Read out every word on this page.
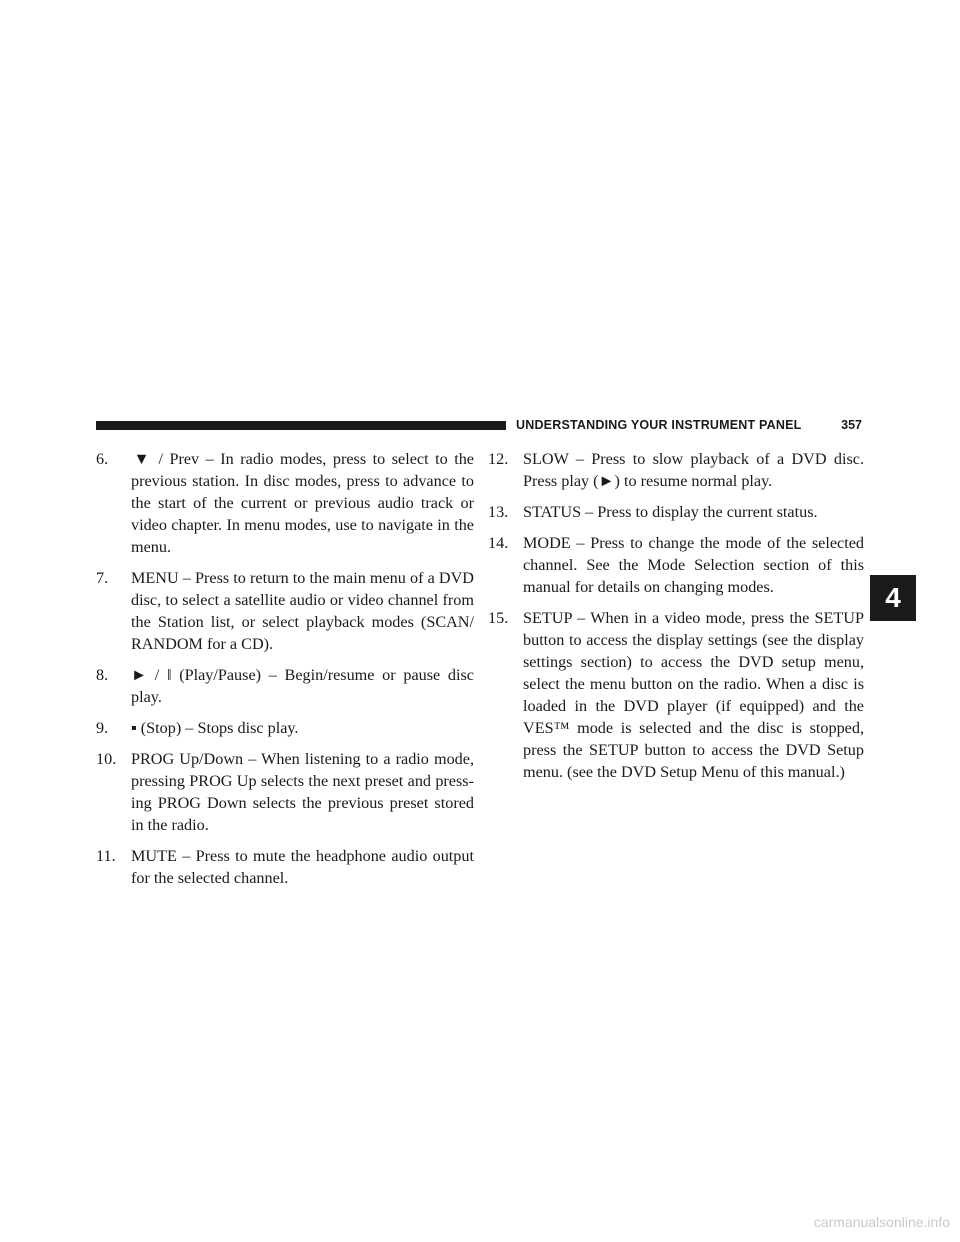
UNDERSTANDING YOUR INSTRUMENT PANEL	357

6. ▼ / Prev – In radio modes, press to select to the previous station. In disc modes, press to advance to the start of the current or previous audio track or video chapter. In menu modes, use to navigate in the menu.

7. MENU – Press to return to the main menu of a DVD disc, to select a satellite audio or video channel from the Station list, or select playback modes (SCAN/ RANDOM for a CD).

8. ► / ‖ (Play/Pause) – Begin/resume or pause disc play.

9. ▪ (Stop) – Stops disc play.

10. PROG Up/Down – When listening to a radio mode, pressing PROG Up selects the next preset and press- ing PROG Down selects the previous preset stored in the radio.

11. MUTE – Press to mute the headphone audio output for the selected channel.

12. SLOW – Press to slow playback of a DVD disc. Press play (►) to resume normal play.

13. STATUS – Press to display the current status.

14. MODE – Press to change the mode of the selected channel. See the Mode Selection section of this manual for details on changing modes.

15. SETUP – When in a video mode, press the SETUP button to access the display settings (see the display settings section) to access the DVD setup menu, select the menu button on the radio. When a disc is loaded in the DVD player (if equipped) and the VES™ mode is selected and the disc is stopped, press the SETUP button to access the DVD Setup menu. (see the DVD Setup Menu of this manual.)

4
carmanualsonline.info
